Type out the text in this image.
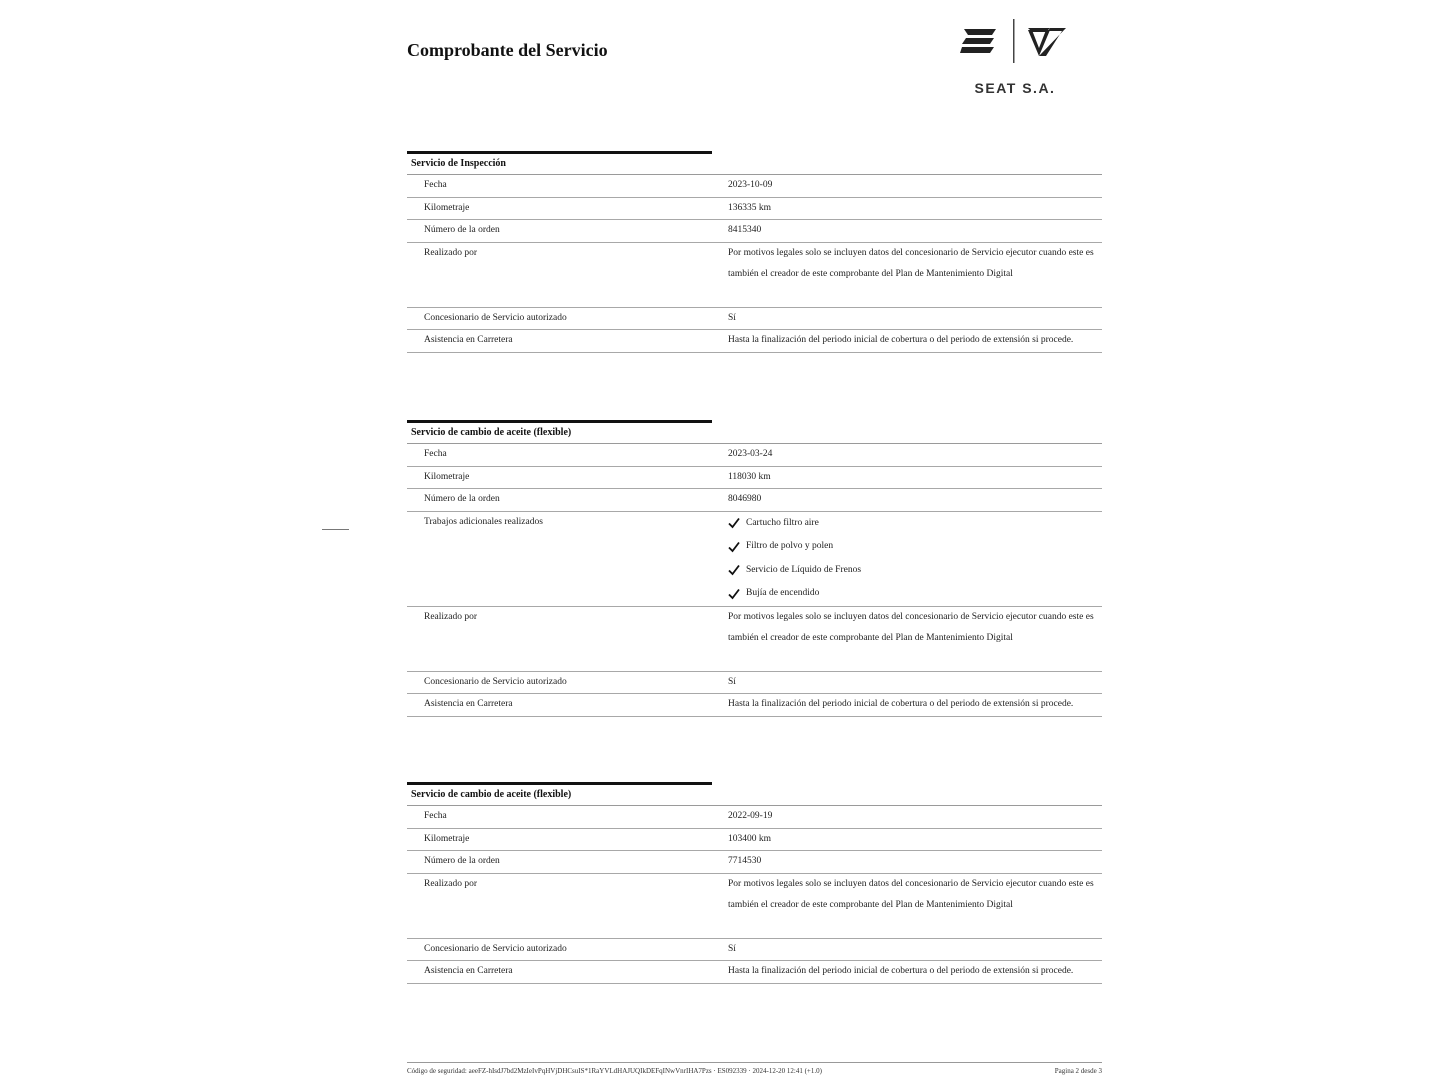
Comprobante del Servicio
SEAT S.A.
Servicio de Inspección
Fecha	2023-10-09
Kilometraje	136335 km
Número de la orden	8415340
Realizado por	Por motivos legales solo se incluyen datos del concesionario de Servicio ejecutor cuando este es también el creador de este comprobante del Plan de Mantenimiento Digital
Concesionario de Servicio autorizado	Sí
Asistencia en Carretera	Hasta la finalización del periodo inicial de cobertura o del periodo de extensión si procede.
Servicio de cambio de aceite (flexible)
Fecha	2023-03-24
Kilometraje	118030 km
Número de la orden	8046980
Trabajos adicionales realizados	Cartucho filtro aire
Filtro de polvo y polen
Servicio de Líquido de Frenos
Bujía de encendido
Realizado por	Por motivos legales solo se incluyen datos del concesionario de Servicio ejecutor cuando este es también el creador de este comprobante del Plan de Mantenimiento Digital
Concesionario de Servicio autorizado	Sí
Asistencia en Carretera	Hasta la finalización del periodo inicial de cobertura o del periodo de extensión si procede.
Servicio de cambio de aceite (flexible)
Fecha	2022-09-19
Kilometraje	103400 km
Número de la orden	7714530
Realizado por	Por motivos legales solo se incluyen datos del concesionario de Servicio ejecutor cuando este es también el creador de este comprobante del Plan de Mantenimiento Digital
Concesionario de Servicio autorizado	Sí
Asistencia en Carretera	Hasta la finalización del periodo inicial de cobertura o del periodo de extensión si procede.
Código de seguridad: aeeFZ-hIsdJ7bd2MzIeIvPqHVjDHCsuIS*1RaYVLdHAJUQIkDEFqINwVnrIHA7Pzs · ES092339 · 2024-12-20 12:41 (+1.0)	Pagina 2 desde 3
